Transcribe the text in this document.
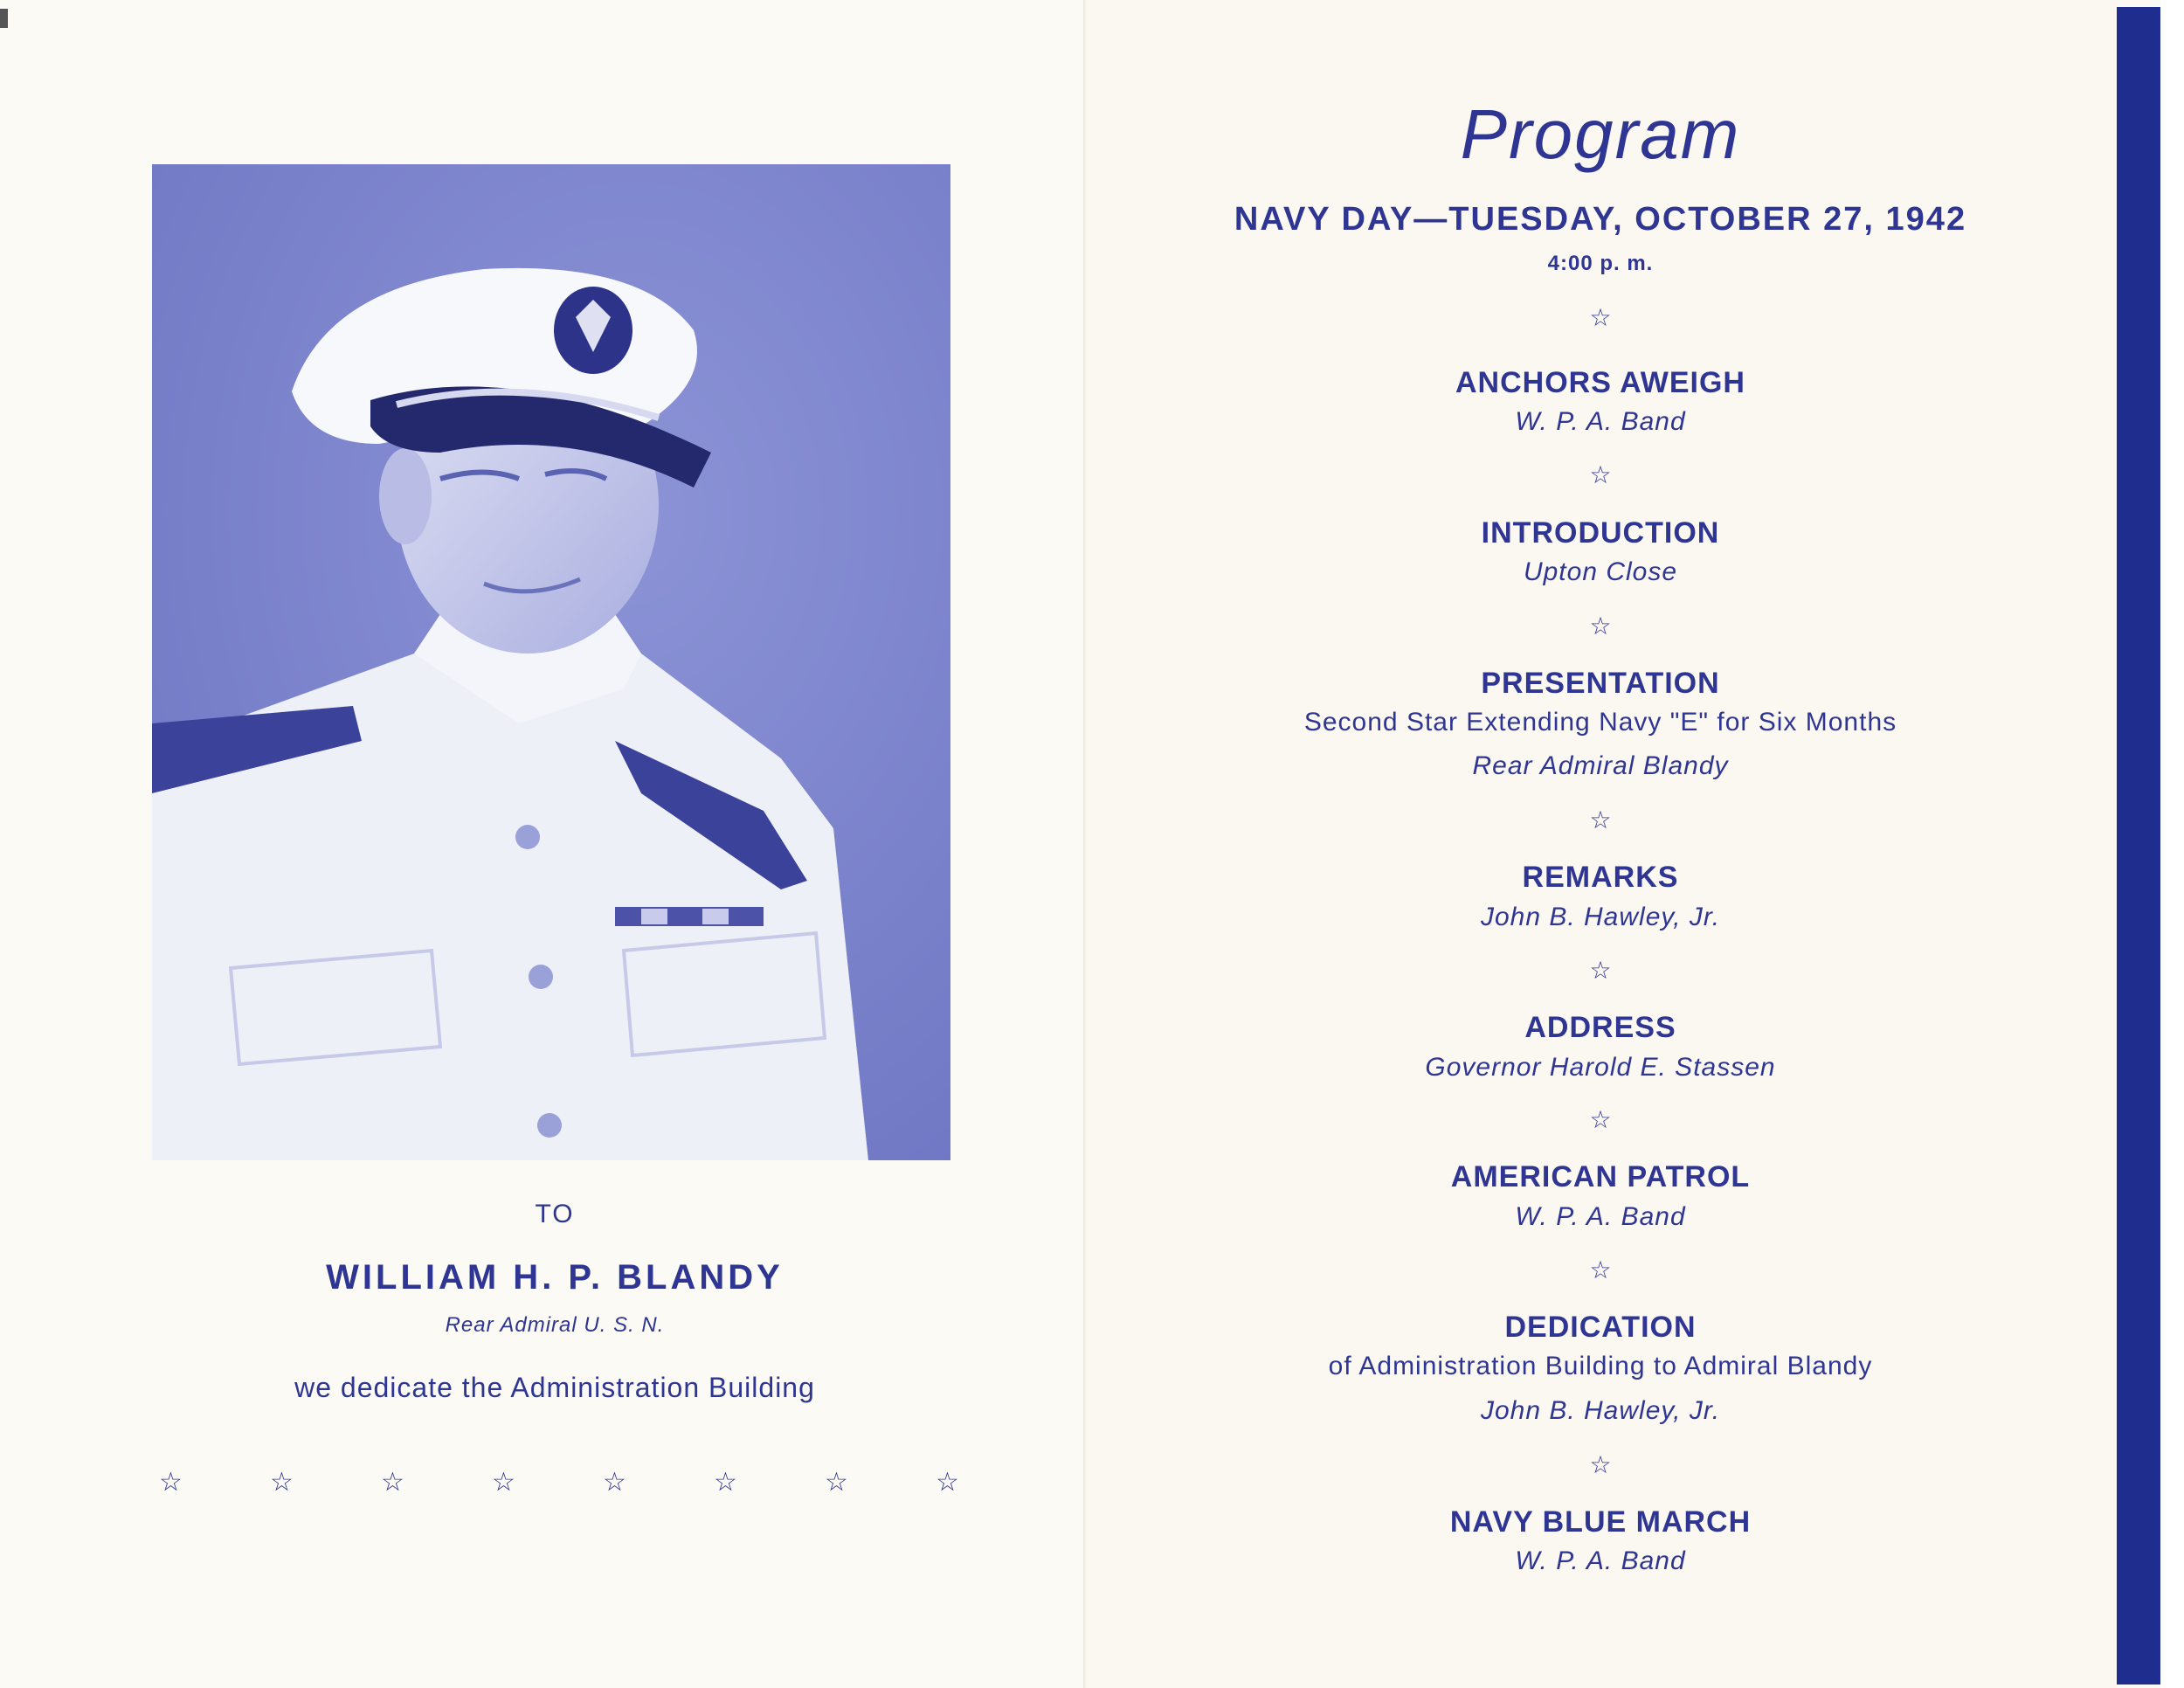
TO
WILLIAM H. P. BLANDY
Rear Admiral U. S. N.
we dedicate the Administration Building
☆	☆	☆	☆	☆	☆	☆	☆
Program
NAVY DAY—TUESDAY, OCTOBER 27, 1942
4:00 p. m.
☆
ANCHORS AWEIGH
W. P. A. Band
☆
INTRODUCTION
Upton Close
☆
PRESENTATION
Second Star Extending Navy "E" for Six Months
Rear Admiral Blandy
☆
REMARKS
John B. Hawley, Jr.
☆
ADDRESS
Governor Harold E. Stassen
☆
AMERICAN PATROL
W. P. A. Band
☆
DEDICATION
of Administration Building to Admiral Blandy
John B. Hawley, Jr.
☆
NAVY BLUE MARCH
W. P. A. Band
